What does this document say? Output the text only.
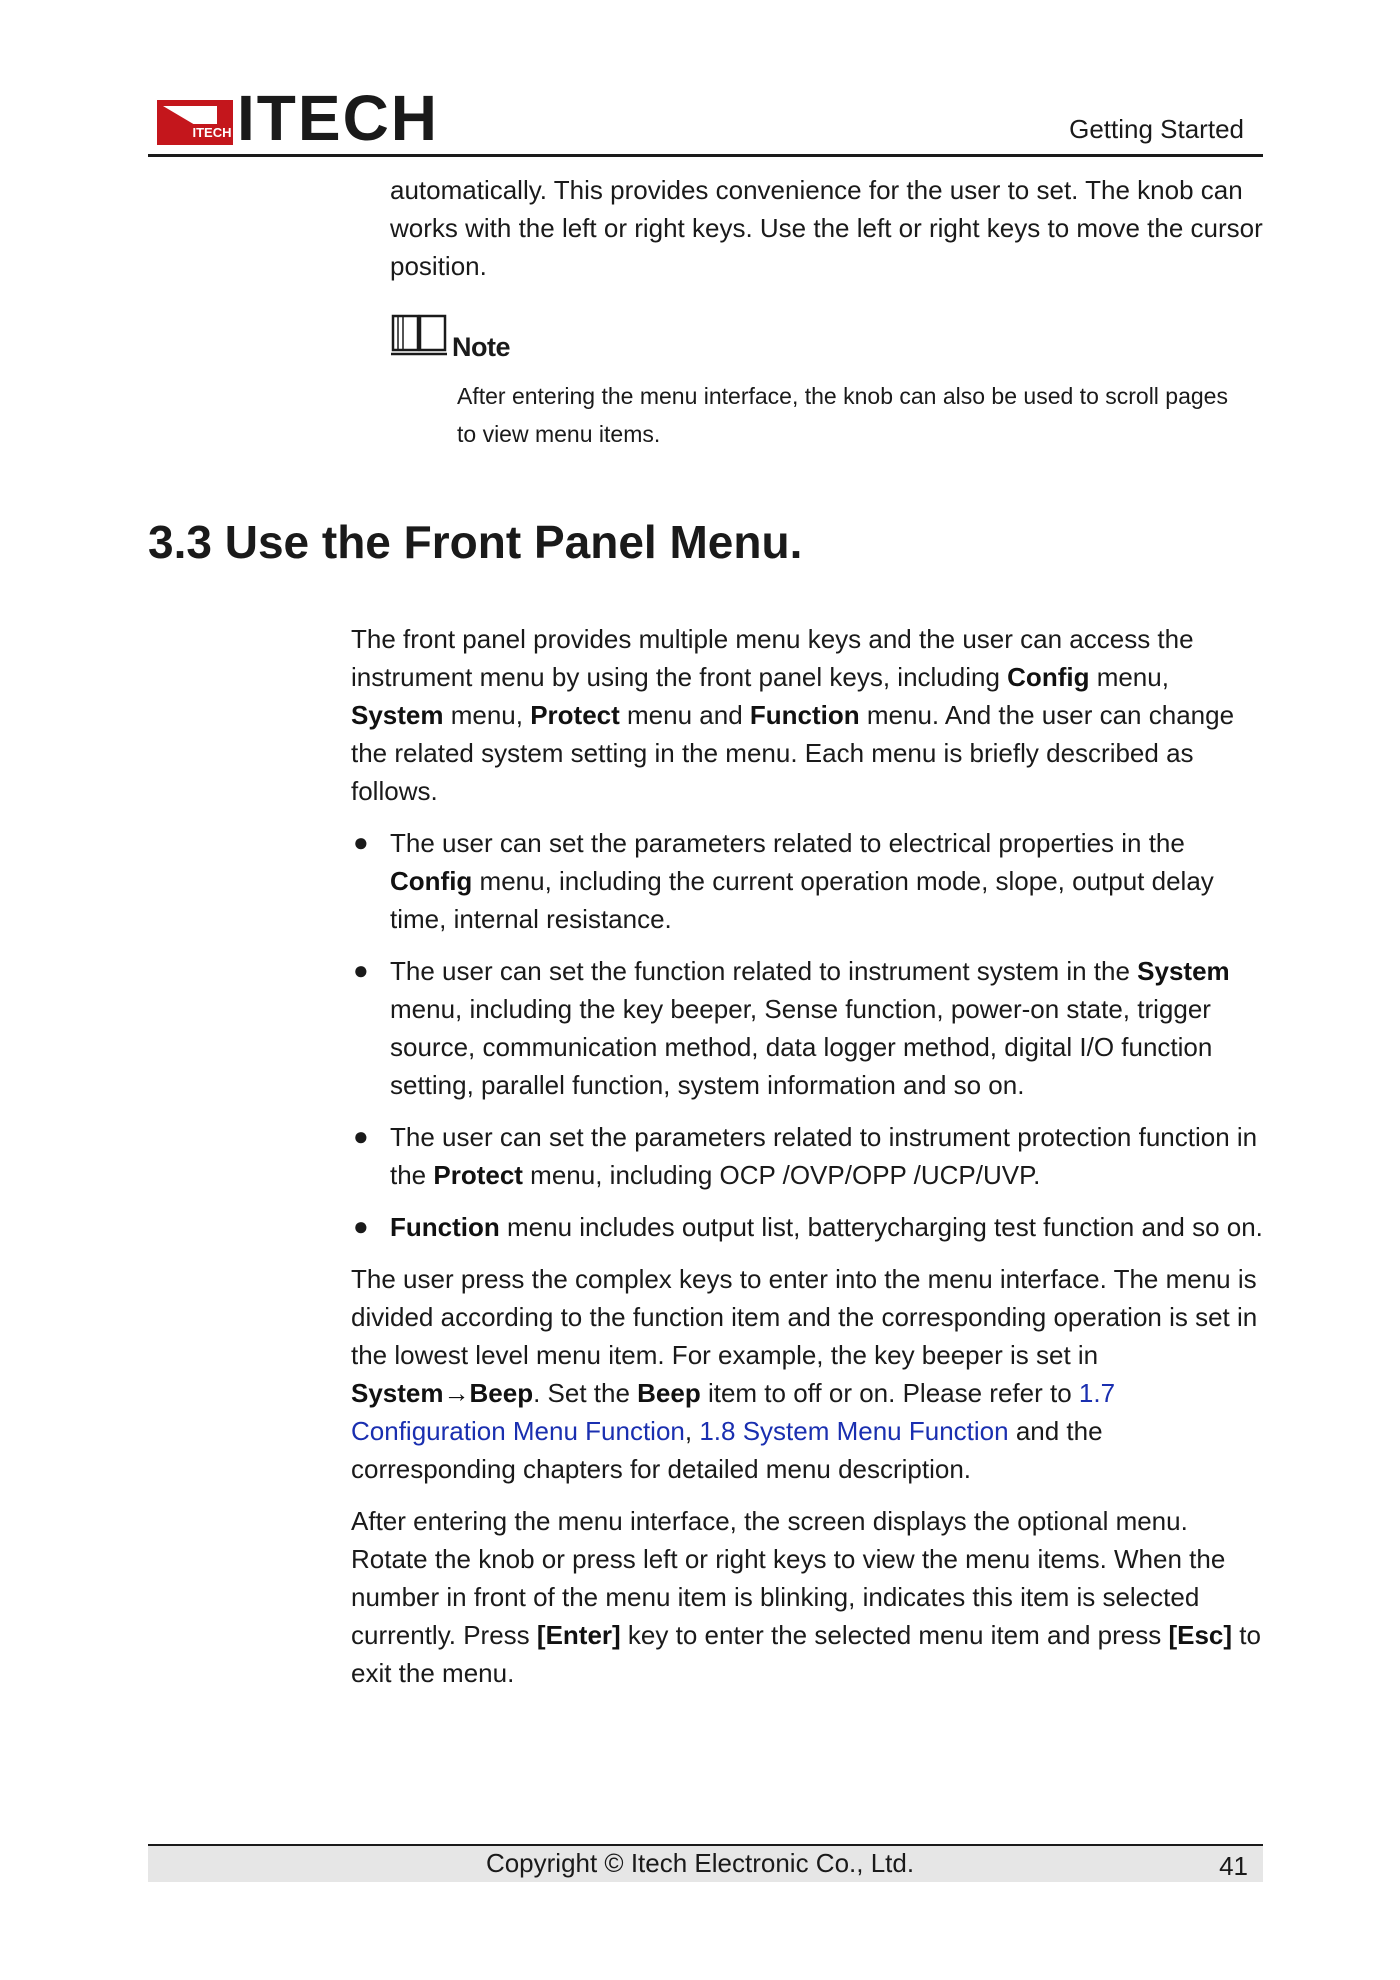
ITECH ITECH	Getting Started
automatically. This provides convenience for the user to set. The knob can works with the left or right keys. Use the left or right keys to move the cursor position.
Note
After entering the menu interface, the knob can also be used to scroll pages to view menu items.
3.3 Use the Front Panel Menu.

The front panel provides multiple menu keys and the user can access the instrument menu by using the front panel keys, including Config menu, System menu, Protect menu and Function menu. And the user can change the related system setting in the menu. Each menu is briefly described as follows.

● The user can set the parameters related to electrical properties in the Config menu, including the current operation mode, slope, output delay time, internal resistance.
● The user can set the function related to instrument system in the System menu, including the key beeper, Sense function, power-on state, trigger source, communication method, data logger method, digital I/O function setting, parallel function, system information and so on.
● The user can set the parameters related to instrument protection function in the Protect menu, including OCP /OVP/OPP /UCP/UVP.
● Function menu includes output list, batterycharging test function and so on.

The user press the complex keys to enter into the menu interface. The menu is divided according to the function item and the corresponding operation is set in the lowest level menu item. For example, the key beeper is set in System→Beep. Set the Beep item to off or on. Please refer to 1.7 Configuration Menu Function, 1.8 System Menu Function and the corresponding chapters for detailed menu description.

After entering the menu interface, the screen displays the optional menu. Rotate the knob or press left or right keys to view the menu items. When the number in front of the menu item is blinking, indicates this item is selected currently. Press [Enter] key to enter the selected menu item and press [Esc] to exit the menu.

Copyright © Itech Electronic Co., Ltd.	41
